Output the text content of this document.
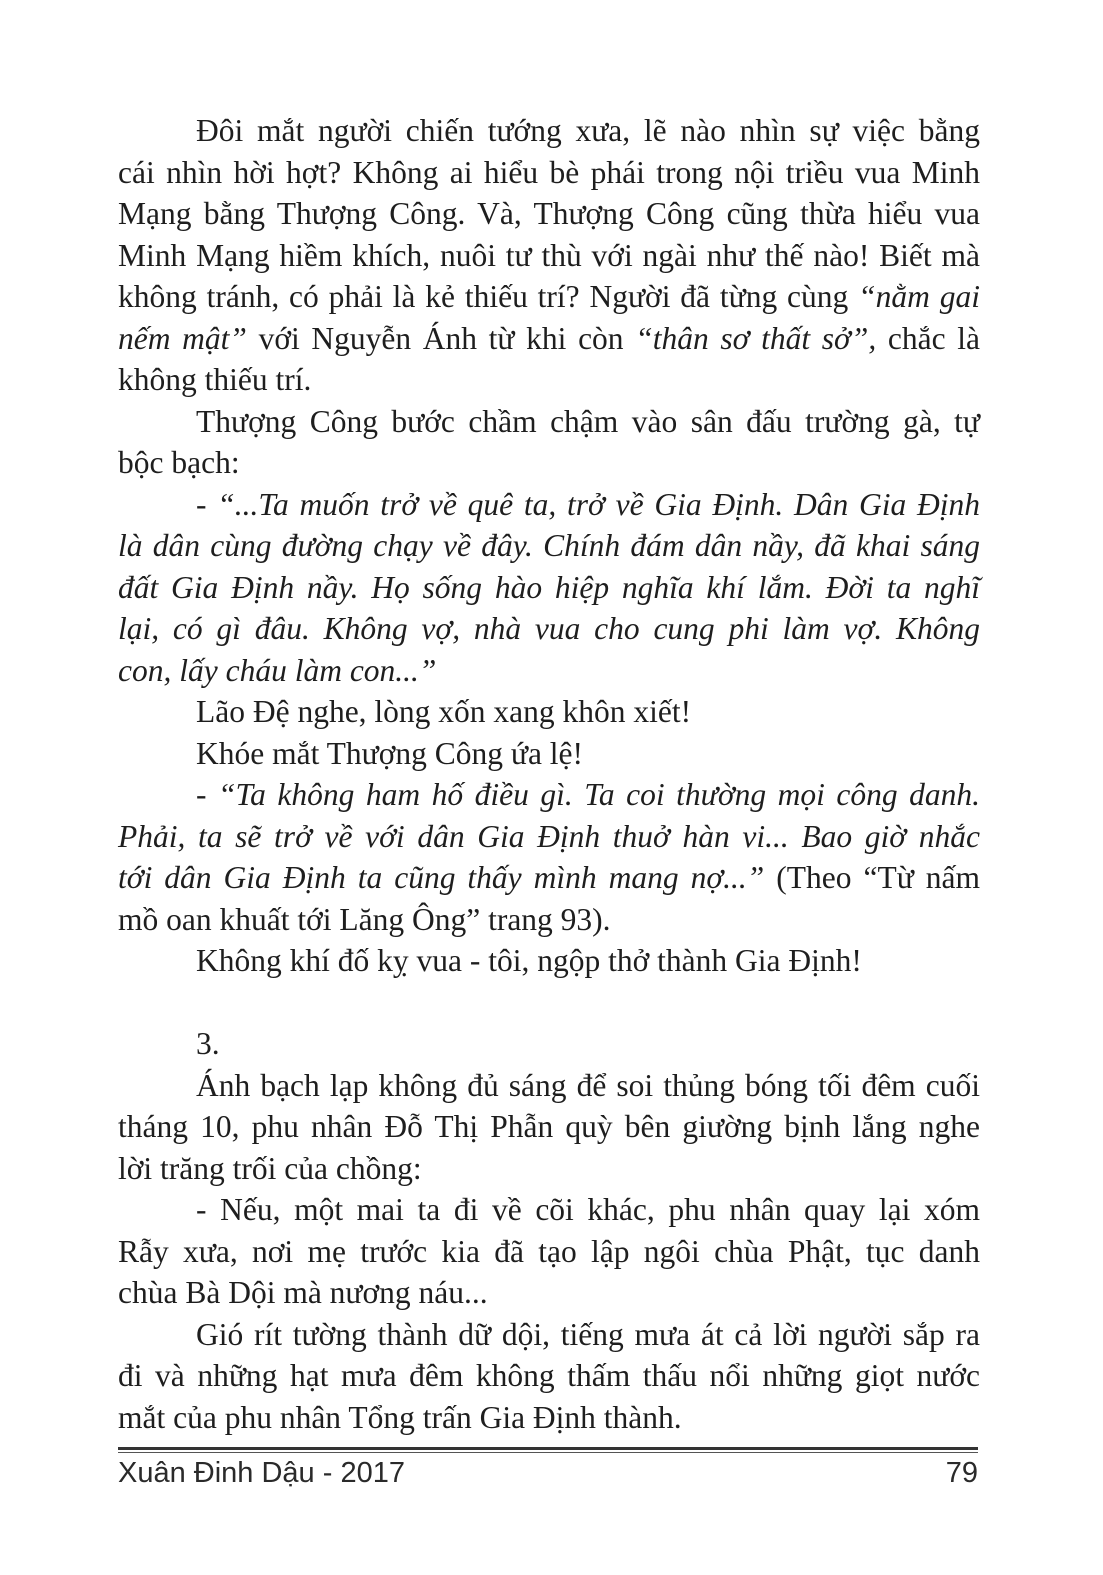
Đôi mắt người chiến tướng xưa, lẽ nào nhìn sự việc bằng
cái nhìn hời hợt? Không ai hiểu bè phái trong nội triều vua Minh
Mạng bằng Thượng Công. Và, Thượng Công cũng thừa hiểu vua
Minh Mạng hiềm khích, nuôi tư thù với ngài như thế nào! Biết mà
không tránh, có phải là kẻ thiếu trí? Người đã từng cùng “nằm gai
nếm mật” với Nguyễn Ánh từ khi còn “thân sơ thất sở”, chắc là
không thiếu trí.
Thượng Công bước chầm chậm vào sân đấu trường gà, tự
bộc bạch:
- “...Ta muốn trở về quê ta, trở về Gia Định. Dân Gia Định
là dân cùng đường chạy về đây. Chính đám dân nầy, đã khai sáng
đất Gia Định nầy. Họ sống hào hiệp nghĩa khí lắm. Đời ta nghĩ
lại, có gì đâu. Không vợ, nhà vua cho cung phi làm vợ. Không
con, lấy cháu làm con...”
Lão Đệ nghe, lòng xốn xang khôn xiết!
Khóe mắt Thượng Công ứa lệ!
- “Ta không ham hố điều gì. Ta coi thường mọi công danh.
Phải, ta sẽ trở về với dân Gia Định thuở hàn vi... Bao giờ nhắc
tới dân Gia Định ta cũng thấy mình mang nợ...” (Theo “Từ nấm
mồ oan khuất tới Lăng Ông” trang 93).
Không khí đố kỵ vua - tôi, ngộp thở thành Gia Định!
3.
Ánh bạch lạp không đủ sáng để soi thủng bóng tối đêm cuối
tháng 10, phu nhân Đỗ Thị Phẫn quỳ bên giường bịnh lắng nghe
lời trăng trối của chồng:
- Nếu, một mai ta đi về cõi khác, phu nhân quay lại xóm
Rẫy xưa, nơi mẹ trước kia đã tạo lập ngôi chùa Phật, tục danh
chùa Bà Dội mà nương náu...
Gió rít tường thành dữ dội, tiếng mưa át cả lời người sắp ra
đi và những hạt mưa đêm không thấm thấu nổi những giọt nước
mắt của phu nhân Tổng trấn Gia Định thành.
Xuân Đinh Dậu - 2017	79
